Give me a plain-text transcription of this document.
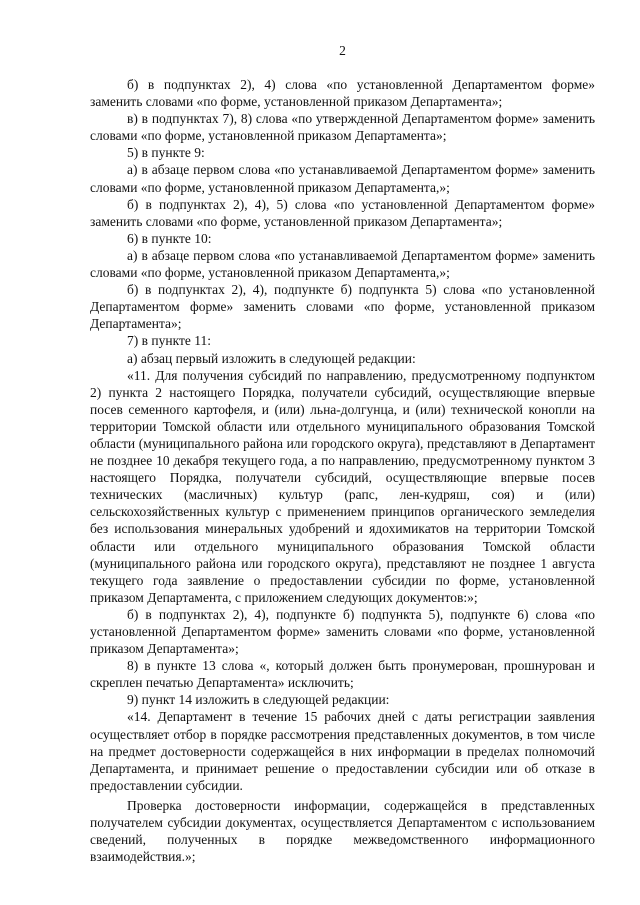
2

б) в подпунктах 2), 4) слова «по установленной Департаментом форме» заменить словами «по форме, установленной приказом Департамента»;

в) в подпунктах 7), 8) слова «по утвержденной Департаментом форме» заменить словами «по форме, установленной приказом Департамента»;

5) в пункте 9:

а) в абзаце первом слова «по устанавливаемой Департаментом форме» заменить словами «по форме, установленной приказом Департамента,»;

б) в подпунктах 2), 4), 5) слова «по установленной Департаментом форме» заменить словами «по форме, установленной приказом Департамента»;

6) в пункте 10:

а) в абзаце первом слова «по устанавливаемой Департаментом форме» заменить словами «по форме, установленной приказом Департамента,»;

б) в подпунктах 2), 4), подпункте б) подпункта 5) слова «по установленной Департаментом форме» заменить словами «по форме, установленной приказом Департамента»;

7) в пункте 11:

а) абзац первый изложить в следующей редакции:

«11. Для получения субсидий по направлению, предусмотренному подпунктом 2) пункта 2 настоящего Порядка, получатели субсидий, осуществляющие впервые посев семенного картофеля, и (или) льна-долгунца, и (или) технической конопли на территории Томской области или отдельного муниципального образования Томской области (муниципального района или городского округа), представляют в Департамент не позднее 10 декабря текущего года, а по направлению, предусмотренному пунктом 3 настоящего Порядка, получатели субсидий, осуществляющие впервые посев технических (масличных) культур (рапс, лен-кудряш, соя) и (или) сельскохозяйственных культур с применением принципов органического земледелия без использования минеральных удобрений и ядохимикатов на территории Томской области или отдельного муниципального образования Томской области (муниципального района или городского округа), представляют не позднее 1 августа текущего года заявление о предоставлении субсидии по форме, установленной приказом Департамента, с приложением следующих документов:»;

б) в подпунктах 2), 4), подпункте б) подпункта 5), подпункте 6) слова «по установленной Департаментом форме» заменить словами «по форме, установленной приказом Департамента»;

8) в пункте 13 слова «, который должен быть пронумерован, прошнурован и скреплен печатью Департамента» исключить;

9) пункт 14 изложить в следующей редакции:

«14. Департамент в течение 15 рабочих дней с даты регистрации заявления осуществляет отбор в порядке рассмотрения представленных документов, в том числе на предмет достоверности содержащейся в них информации в пределах полномочий Департамента, и принимает решение о предоставлении субсидии или об отказе в предоставлении субсидии.

Проверка достоверности информации, содержащейся в представленных получателем субсидии документах, осуществляется Департаментом с использованием сведений, полученных в порядке межведомственного информационного взаимодействия.»;
